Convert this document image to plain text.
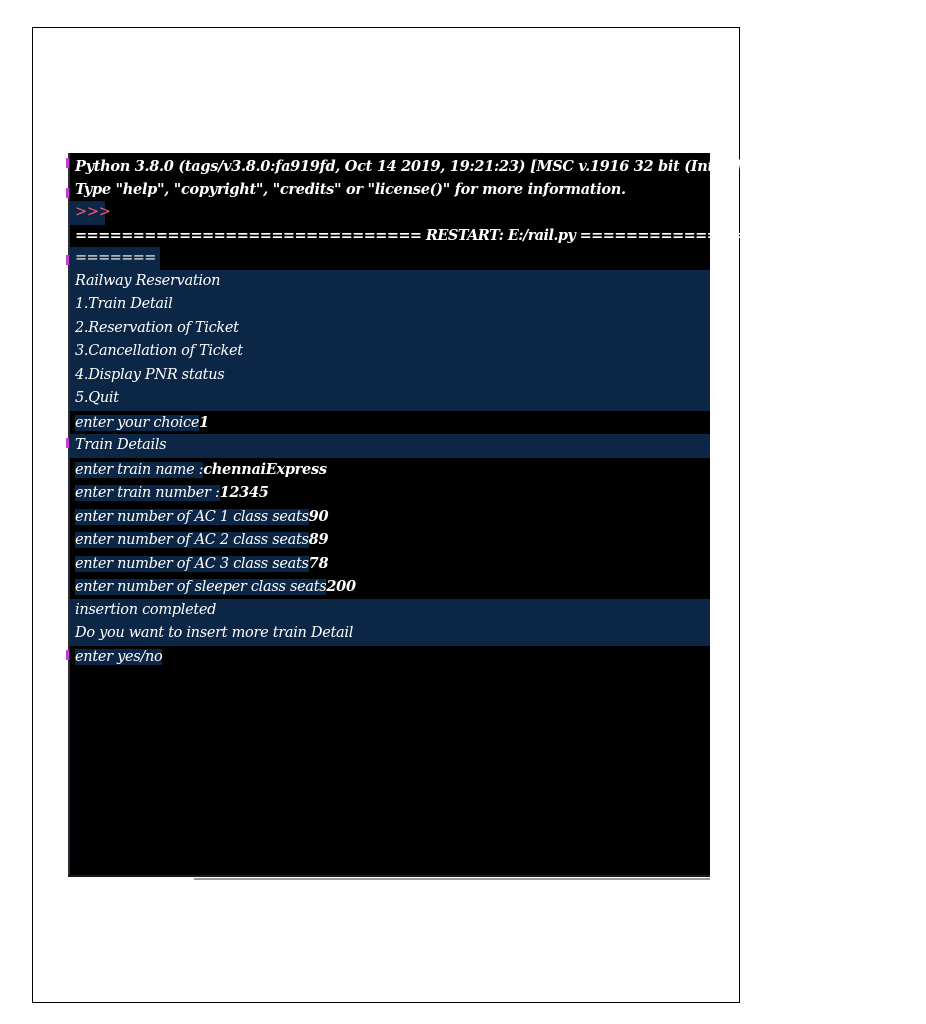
Python 3.8.0 (tags/v3.8.0:fa919fd, Oct 14 2019, 19:21:23) [MSC v.1916 32 bit (Intel)] on win32
Type "help", "copyright", "credits" or "license()" for more information.
>>>
============================== RESTART: E:/rail.py ==============================
=======
Railway Reservation
1.Train Detail
2.Reservation of Ticket
3.Cancellation of Ticket
4.Display PNR status
5.Quit
enter your choice1
Train Details
enter train name :chennaiExpress
enter train number :12345
enter number of AC 1 class seats90
enter number of AC 2 class seats89
enter number of AC 3 class seats78
enter number of sleeper class seats200
insertion completed
Do you want to insert more train Detail
enter yes/no
